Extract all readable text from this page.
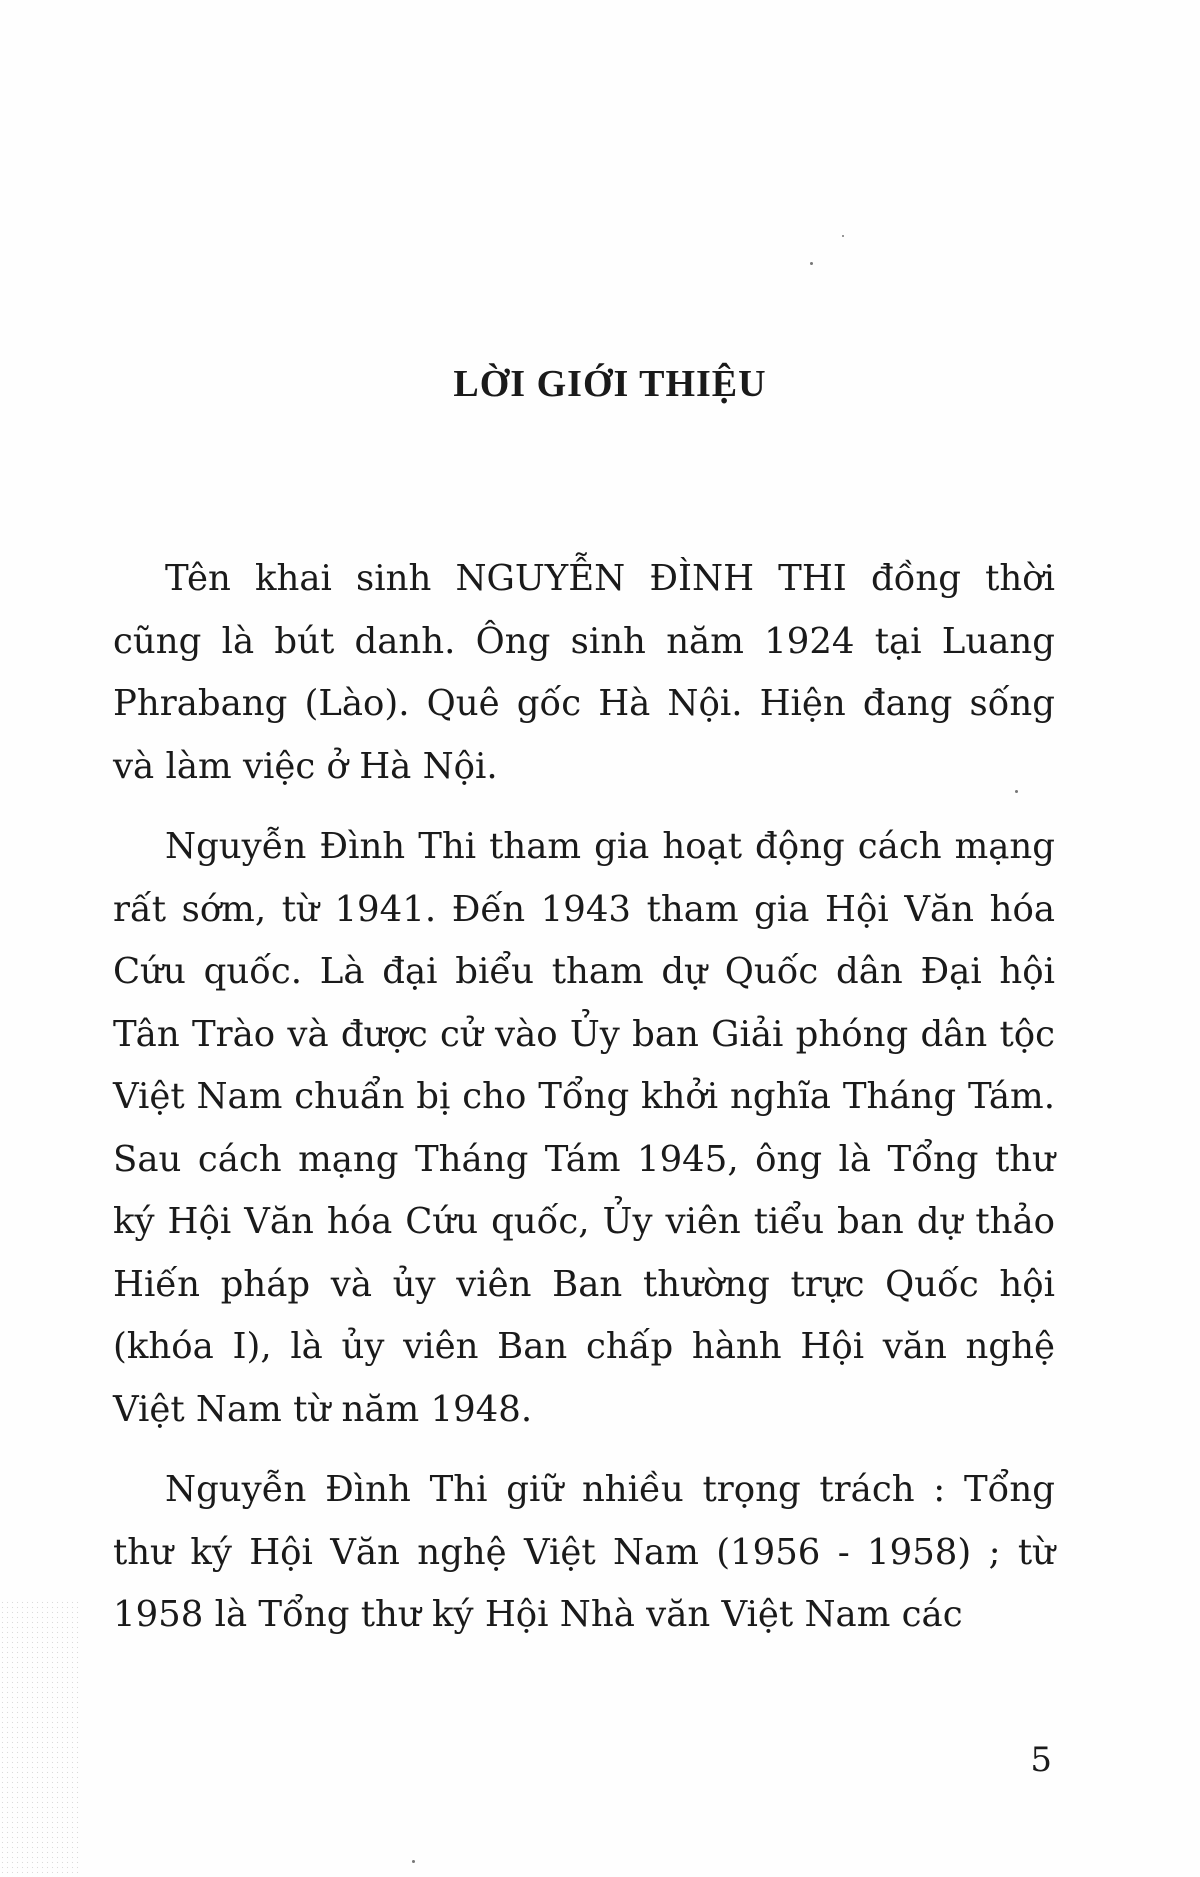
LỜI GIỚI THIỆU

Tên khai sinh NGUYỄN ĐÌNH THI đồng thời cũng là bút danh. Ông sinh năm 1924 tại Luang Phrabang (Lào). Quê gốc Hà Nội. Hiện đang sống và làm việc ở Hà Nội.

Nguyễn Đình Thi tham gia hoạt động cách mạng rất sớm, từ 1941. Đến 1943 tham gia Hội Văn hóa Cứu quốc. Là đại biểu tham dự Quốc dân Đại hội Tân Trào và được cử vào Ủy ban Giải phóng dân tộc Việt Nam chuẩn bị cho Tổng khởi nghĩa Tháng Tám. Sau cách mạng Tháng Tám 1945, ông là Tổng thư ký Hội Văn hóa Cứu quốc, Ủy viên tiểu ban dự thảo Hiến pháp và ủy viên Ban thường trực Quốc hội (khóa I), là ủy viên Ban chấp hành Hội văn nghệ Việt Nam từ năm 1948.

Nguyễn Đình Thi giữ nhiều trọng trách : Tổng thư ký Hội Văn nghệ Việt Nam (1956 - 1958) ; từ 1958 là Tổng thư ký Hội Nhà văn Việt Nam các

5
